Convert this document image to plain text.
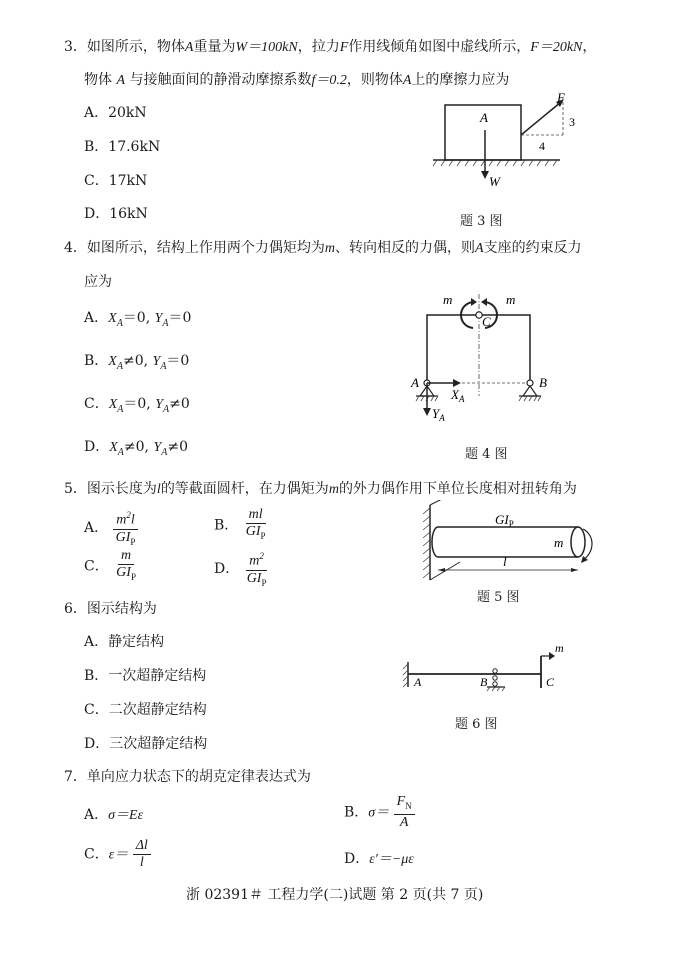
3．如图所示，物体A重量为W＝100kN，拉力F作用线倾角如图中虚线所示，F＝20kN，
物体 A 与接触面间的静滑动摩擦系数f＝0.2，则物体A上的摩擦力应为
A．20kN
B．17.6kN
C．17kN
D．16kN
A
F
W
3
4
题 3 图
4．如图所示，结构上作用两个力偶矩均为m、转向相反的力偶，则A支座的约束反力
应为
A．$X_A=0$, $Y_A=0$
B．$X_A\ne 0$, $Y_A=0$
C．$X_A=0$, $Y_A\ne 0$
D．$X_A\ne 0$, $Y_A\ne 0$
m	m
C
A	B
$X_A$
$Y_A$
题 4 图
5．图示长度为l的等截面圆杆，在力偶矩为m的外力偶作用下单位长度相对扭转角为
A． $\frac{m^2l}{GI_P}$	B． $\frac{ml}{GI_P}$
C． $\frac{m}{GI_P}$	D． $\frac{m^2}{GI_P}$
$GI_P$
m
l
题 5 图
6．图示结构为
A．静定结构
B．一次超静定结构
C．二次超静定结构
D．三次超静定结构
A	B	C
m
题 6 图
7．单向应力状态下的胡克定律表达式为
A．σ＝Eε	B．$\sigma= \frac{F_N}{A}$
C．$\varepsilon= \frac{\Delta l}{l}$	D．ε′＝−με
浙 02391＃ 工程力学(二)试题 第 2 页(共 7 页)
